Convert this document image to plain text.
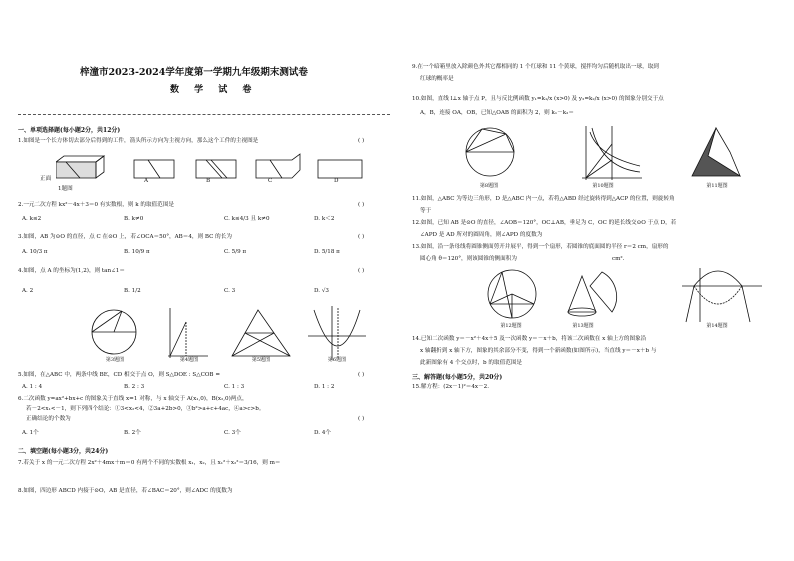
梓潼市2023-2024学年度第一学期九年级期末测试卷
数 学 试 卷
一、单项选择题(每小题2分，共12分)
1.如图是一个长方体切去部分后得到的工件，箭头所示方向为主视方向，那么这个工件的主视图是	( )
正面
1题图
A	B	C	D
2.一元二次方程 kx²－4x＋3＝0 有实数根，则 k 的取值范围是	( )
A. k≤2	B. k≠0	C. k≤4/3 且 k≠0	D. k＜2
3.如图，AB 为⊙O 的直径，点 C 在⊙O 上，若∠OCA＝50°，AB＝4，则 BC 的长为	( )
A. 10/3 π	B. 10/9 π	C. 5/9 π	D. 5/18 π
4.如图，点 A 的坐标为(1,2)，则 tan∠1＝	( )
A. 2	B. 1/2	C. 3	D. √3
第3题图	第4题图	第5题图	第6题图
5.如图，在△ABC 中，两条中线 BE，CD 相交于点 O，则 S△DOE : S△COB =	( )
A. 1 : 4	B. 2 : 3	C. 1 : 3	D. 1 : 2
6.二次函数 y=ax²+bx+c 的图象关于直线 x=1 对称，与 x 轴交于 A(x₁,0)，B(x₂,0)两点，
若－2<x₁<－1，则下列四个结论：①3<x₂<4，②3a+2b>0，③b²>a+c+4ac，④a>c>b。
正确结论的个数为	( )
A. 1个	B. 2个	C. 3个	D. 4个
二、填空题(每小题3分，共24分)
7.若关于 x 的一元二次方程 2x²＋4mx＋m＝0 有两个不同的实数根 x₁，x₂，且 x₁²＋x₂²＝3/16，则 m＝
8.如图，四边形 ABCD 内接于⊙O，AB 是直径，若∠BAC＝20°，则∠ADC 的度数为
9.在一个暗箱里放入除颜色外其它都相同的 1 个红球和 11 个黄球，搅拌均匀后随机取出一球，取到
红球的概率是
10.如图，直线 l⊥x 轴于点 P，且与反比例函数 y₁=k₁/x (x>0) 及 y₂=k₂/x (x>0) 的图象分别交于点
A，B，连接 OA，OB，已知△OAB 的面积为 2，则 k₁－k₂＝
第8题图	第10题图	第11题图
11.如图，△ABC 为等边三角形，D 是△ABC 内一点，若将△ABD 经过旋转得到△ACP 的位置，则旋转角
等于
12.如图，已知 AB 是⊙O 的直径，∠AOB＝120°，OC⊥AB，垂足为 C，OC 的延长线交⊙O 于点 D，若
∠APD 是 AD 所对的圆周角，则∠APD 的度数为
13.如图，沿一条母线将圆锥侧面剪开并展平，得到一个扇形，若圆锥的底面圆的半径 r＝2 cm，扇形的
圆心角 θ＝120°，则该圆锥的侧面积为	cm².
第12题图	第13题图	第14题图
14.已知二次函数 y＝－x²＋4x＋5 及一次函数 y＝－x＋b，将该二次函数在 x 轴上方的图象沿
x 轴翻折到 x 轴下方，图象的其余部分不变，得到一个新函数(如图所示)，当直线 y＝－x＋b 与
此新图象有 4 个交点时，b 的取值范围是
三、解答题(每小题5分，共20分)
15.解方程：(2x－1)²＝4x－2.
